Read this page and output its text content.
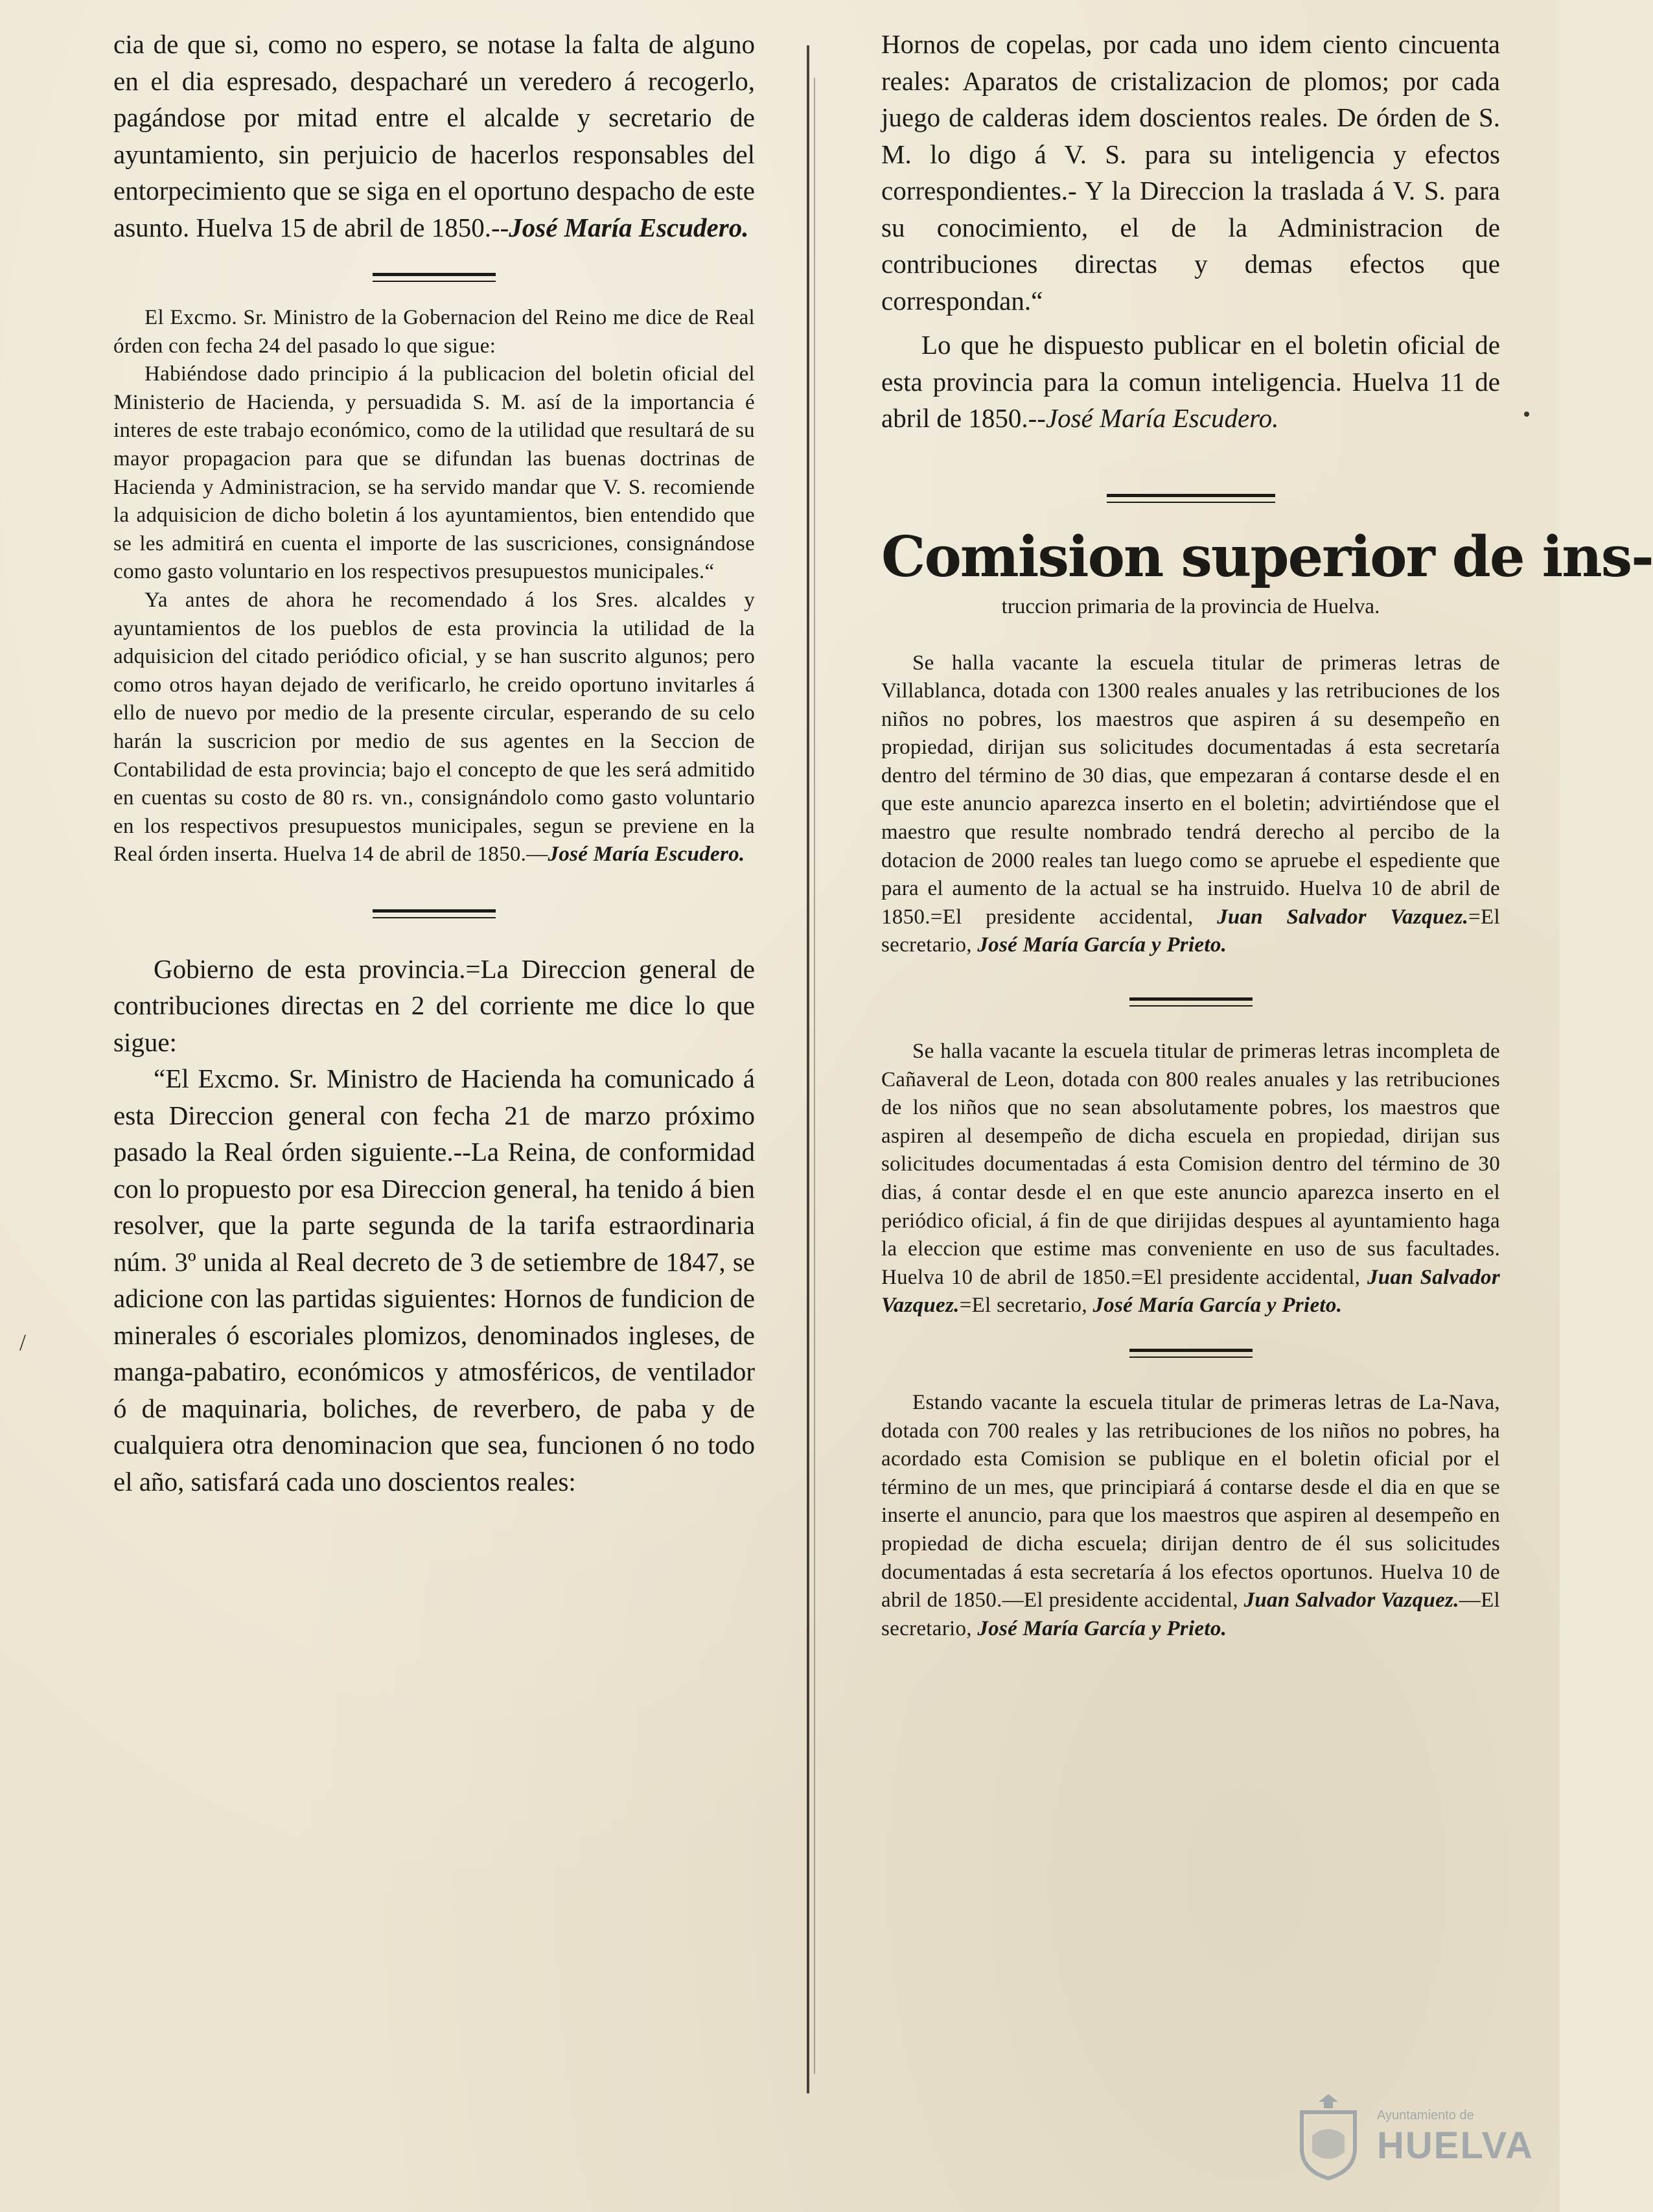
/

cia de que si, como no espero, se notase la falta de alguno en el dia espresado, despacharé un veredero á recogerlo, pagándose por mitad entre el alcalde y secretario de ayuntamiento, sin perjuicio de hacerlos responsables del entorpecimiento que se siga en el oportuno despacho de este asunto. Huelva 15 de abril de 1850.--José María Escudero.

El Excmo. Sr. Ministro de la Gobernacion del Reino me dice de Real órden con fecha 24 del pasado lo que sigue:

Habiéndose dado principio á la publicacion del boletin oficial del Ministerio de Hacienda, y persuadida S. M. así de la importancia é interes de este trabajo económico, como de la utilidad que resultará de su mayor propagacion para que se difundan las buenas doctrinas de Hacienda y Administracion, se ha servido mandar que V. S. recomiende la adquisicion de dicho boletin á los ayuntamientos, bien entendido que se les admitirá en cuenta el importe de las suscriciones, consignándose como gasto voluntario en los respectivos presupuestos municipales.“

Ya antes de ahora he recomendado á los Sres. alcaldes y ayuntamientos de los pueblos de esta provincia la utilidad de la adquisicion del citado periódico oficial, y se han suscrito algunos; pero como otros hayan dejado de verificarlo, he creido oportuno invitarles á ello de nuevo por medio de la presente circular, esperando de su celo harán la suscricion por medio de sus agentes en la Seccion de Contabilidad de esta provincia; bajo el concepto de que les será admitido en cuentas su costo de 80 rs. vn., consignándolo como gasto voluntario en los respectivos presupuestos municipales, segun se previene en la Real órden inserta. Huelva 14 de abril de 1850.—José María Escudero.

Gobierno de esta provincia.=La Direccion general de contribuciones directas en 2 del corriente me dice lo que sigue:

“El Excmo. Sr. Ministro de Hacienda ha comunicado á esta Direccion general con fecha 21 de marzo próximo pasado la Real órden siguiente.--La Reina, de conformidad con lo propuesto por esa Direccion general, ha tenido á bien resolver, que la parte segunda de la tarifa estraordinaria núm. 3º unida al Real decreto de 3 de setiembre de 1847, se adicione con las partidas siguientes: Hornos de fundicion de minerales ó escoriales plomizos, denominados ingleses, de manga-pabatiro, económicos y atmosféricos, de ventilador ó de maquinaria, boliches, de reverbero, de paba y de cualquiera otra denominacion que sea, funcionen ó no todo el año, satisfará cada uno doscientos reales:

Hornos de copelas, por cada uno idem ciento cincuenta reales: Aparatos de cristalizacion de plomos; por cada juego de calderas idem doscientos reales. De órden de S. M. lo digo á V. S. para su inteligencia y efectos correspondientes.- Y la Direccion la traslada á V. S. para su conocimiento, el de la Administracion de contribuciones directas y demas efectos que correspondan.“

Lo que he dispuesto publicar en el boletin oficial de esta provincia para la comun inteligencia. Huelva 11 de abril de 1850.--José María Escudero.

Comision superior de ins-
truccion primaria de la provincia de Huelva.

Se halla vacante la escuela titular de primeras letras de Villablanca, dotada con 1300 reales anuales y las retribuciones de los niños no pobres, los maestros que aspiren á su desempeño en propiedad, dirijan sus solicitudes documentadas á esta secretaría dentro del término de 30 dias, que empezaran á contarse desde el en que este anuncio aparezca inserto en el boletin; advirtiéndose que el maestro que resulte nombrado tendrá derecho al percibo de la dotacion de 2000 reales tan luego como se apruebe el espediente que para el aumento de la actual se ha instruido. Huelva 10 de abril de 1850.=El presidente accidental, Juan Salvador Vazquez.=El secretario, José María García y Prieto.

Se halla vacante la escuela titular de primeras letras incompleta de Cañaveral de Leon, dotada con 800 reales anuales y las retribuciones de los niños que no sean absolutamente pobres, los maestros que aspiren al desempeño de dicha escuela en propiedad, dirijan sus solicitudes documentadas á esta Comision dentro del término de 30 dias, á contar desde el en que este anuncio aparezca inserto en el periódico oficial, á fin de que dirijidas despues al ayuntamiento haga la eleccion que estime mas conveniente en uso de sus facultades. Huelva 10 de abril de 1850.=El presidente accidental, Juan Salvador Vazquez.=El secretario, José María García y Prieto.

Estando vacante la escuela titular de primeras letras de La-Nava, dotada con 700 reales y las retribuciones de los niños no pobres, ha acordado esta Comision se publique en el boletin oficial por el término de un mes, que principiará á contarse desde el dia en que se inserte el anuncio, para que los maestros que aspiren al desempeño en propiedad de dicha escuela; dirijan dentro de él sus solicitudes documentadas á esta secretaría á los efectos oportunos. Huelva 10 de abril de 1850.—El presidente accidental, Juan Salvador Vazquez.—El secretario, José María García y Prieto.

Ayuntamiento de
HUELVA
